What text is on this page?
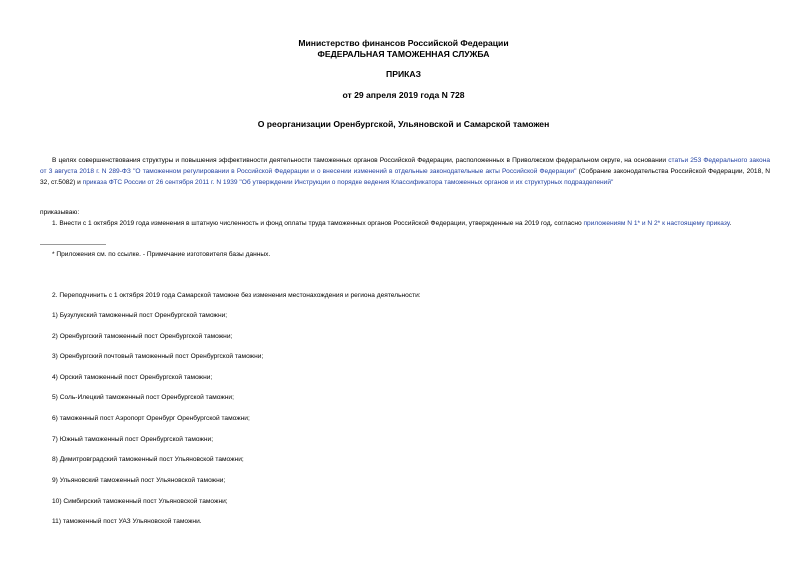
Министерство финансов Российской Федерации
ФЕДЕРАЛЬНАЯ ТАМОЖЕННАЯ СЛУЖБА
ПРИКАЗ
от 29 апреля 2019 года N 728
О реорганизации Оренбургской, Ульяновской и Самарской таможен
В целях совершенствования структуры и повышения эффективности деятельности таможенных органов Российской Федерации, расположенных в Приволжском федеральном округе, на основании статьи 253 Федерального закона от 3 августа 2018 г. N 289-ФЗ "О таможенном регулировании в Российской Федерации и о внесении изменений в отдельные законодательные акты Российской Федерации" (Собрание законодательства Российской Федерации, 2018, N 32, ст.5082) и приказа ФТС России от 26 сентября 2011 г. N 1939 "Об утверждении Инструкции о порядке ведения Классификатора таможенных органов и их структурных подразделений"
приказываю:
1. Внести с 1 октября 2019 года изменения в штатную численность и фонд оплаты труда таможенных органов Российской Федерации, утвержденные на 2019 год, согласно приложениям N 1* и N 2* к настоящему приказу.
* Приложения см. по ссылке. - Примечание изготовителя базы данных.
2. Переподчинить с 1 октября 2019 года Самарской таможне без изменения местонахождения и региона деятельности:
1) Бузулукский таможенный пост Оренбургской таможни;
2) Оренбургский таможенный пост Оренбургской таможни;
3) Оренбургский почтовый таможенный пост Оренбургской таможни;
4) Орский таможенный пост Оренбургской таможни;
5) Соль-Илецкий таможенный пост Оренбургской таможни;
6) таможенный пост Аэропорт Оренбург Оренбургской таможни;
7) Южный таможенный пост Оренбургской таможни;
8) Димитровградский таможенный пост Ульяновской таможни;
9) Ульяновский таможенный пост Ульяновской таможни;
10) Симбирский таможенный пост Ульяновской таможни;
11) таможенный пост УАЗ Ульяновской таможни.
